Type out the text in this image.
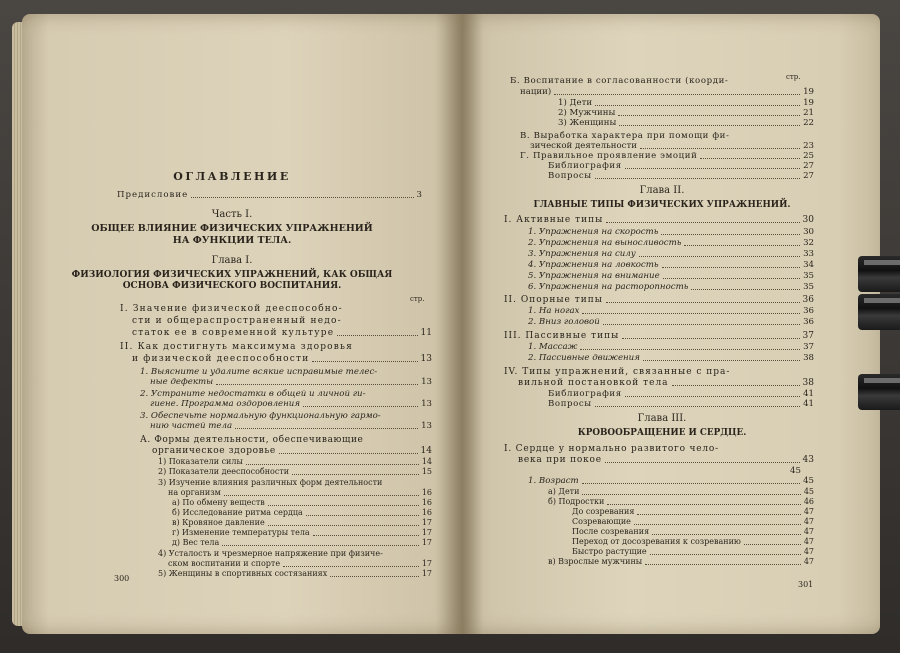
ОГЛАВЛЕНИЕ
Предисловие	3
Часть I.
ОБЩЕЕ ВЛИЯНИЕ ФИЗИЧЕСКИХ УПРАЖНЕНИЙ
НА ФУНКЦИИ ТЕЛА.
Глава I.
ФИЗИОЛОГИЯ ФИЗИЧЕСКИХ УПРАЖНЕНИЙ, КАК ОБЩАЯ
ОСНОВА ФИЗИЧЕСКОГО ВОСПИТАНИЯ.
стр.
I. Значение физической дееспособно-
сти и общераспространенный недо-
статок ее в современной культуре	11
II. Как достигнуть максимума здоровья
и физической дееспособности	13
1. Выясните и удалите всякие исправимые телес-
ные дефекты	13
2. Устраните недостатки в общей и личной ги-
гиене. Программа оздоровления	13
3. Обеспечьте нормальную функциональную гармо-
нию частей тела	13
А. Формы деятельности, обеспечивающие
органическое здоровье	14
1) Показатели силы	14
2) Показатели дееспособности	15
3) Изучение влияния различных форм деятельности
на организм	16
а) По обмену веществ	16
б) Исследование ритма сердца	16
в) Кровяное давление	17
г) Изменение температуры тела	17
д) Вес тела	17
4) Усталость и чрезмерное напряжение при физиче-
ском воспитании и спорте	17
5) Женщины в спортивных состязаниях	17
300
стр.
Б. Воспитание в согласованности (коорди-
нации)	19
1) Дети	19
2) Мужчины	21
3) Женщины	22
В. Выработка характера при помощи фи-
зической деятельности	23
Г. Правильное проявление эмоций	25
Библиография	27
Вопросы	27
Глава II.
ГЛАВНЫЕ ТИПЫ ФИЗИЧЕСКИХ УПРАЖНЕНИЙ.
I. Активные типы	30
1. Упражнения на скорость	30
2. Упражнения на выносливость	32
3. Упражнения на силу	33
4. Упражнения на ловкость	34
5. Упражнения на внимание	35
6. Упражнения на расторопность	35
II. Опорные типы	36
1. На ногах	36
2. Вниз головой	36
III. Пассивные типы	37
1. Массаж	37
2. Пассивные движения	38
IV. Типы упражнений, связанные с пра-
вильной постановкой тела	38
Библиография	41
Вопросы	41
Глава III.
КРОВООБРАЩЕНИЕ И СЕРДЦЕ.
I. Сердце у нормально развитого чело-
века при покое	43
45
1. Возраст	45
а) Дети	45
б) Подростки	46
До созревания	47
Созревающие	47
После созревания	47
Переход от досозревания к созреванию	47
Быстро растущие	47
в) Взрослые мужчины	47
301
